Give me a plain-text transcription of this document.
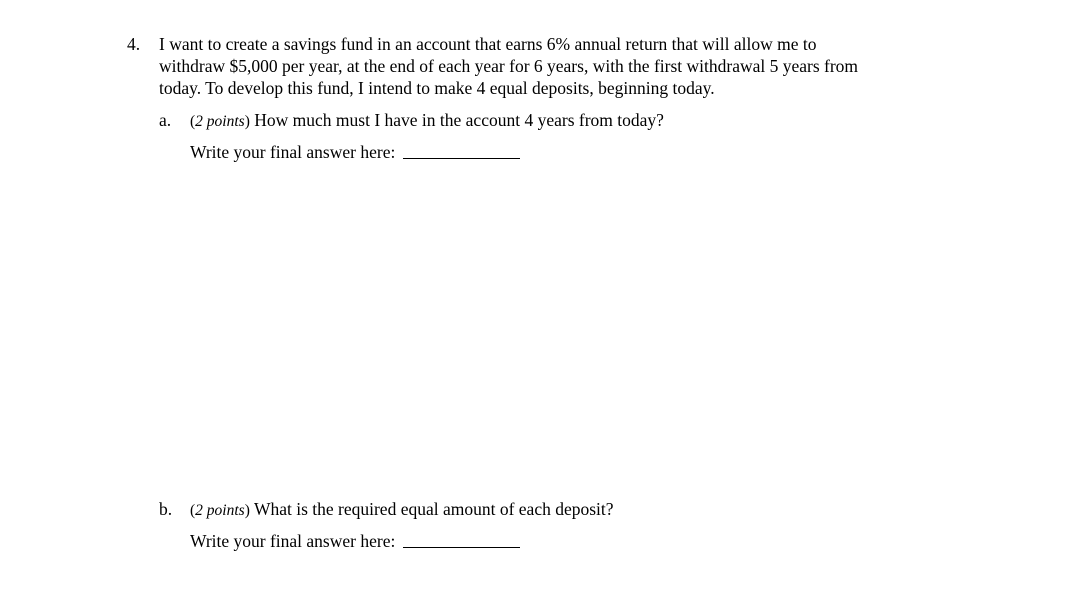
4. I want to create a savings fund in an account that earns 6% annual return that will allow me to
withdraw $5,000 per year, at the end of each year for 6 years, with the first withdrawal 5 years from
today. To develop this fund, I intend to make 4 equal deposits, beginning today.
a. (2 points) How much must I have in the account 4 years from today?
Write your final answer here:
b. (2 points) What is the required equal amount of each deposit?
Write your final answer here:
